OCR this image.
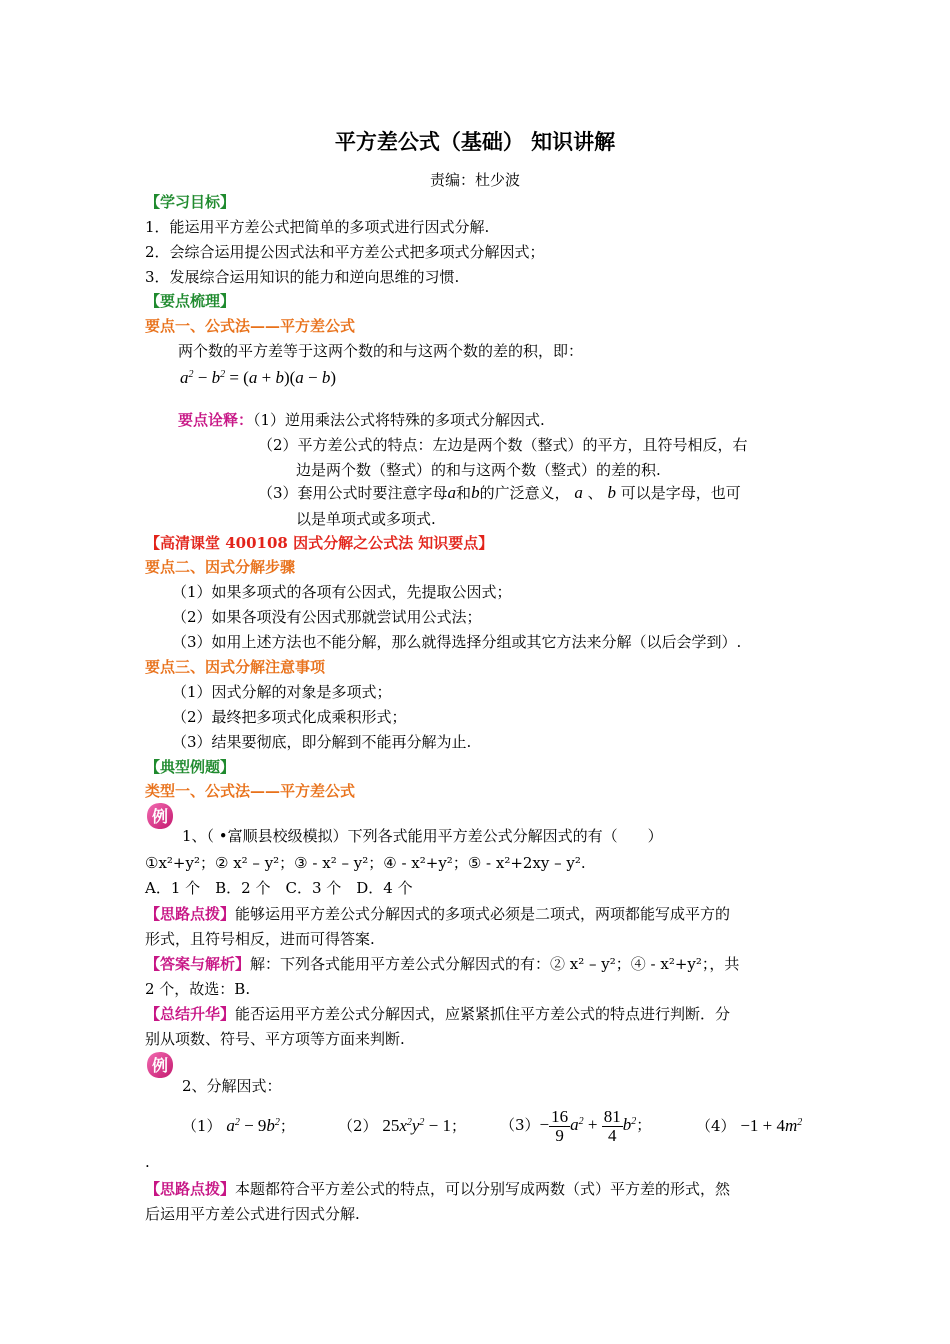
平方差公式（基础） 知识讲解
责编：杜少波
【学习目标】
1．能运用平方差公式把简单的多项式进行因式分解.
2．会综合运用提公因式法和平方差公式把多项式分解因式；
3．发展综合运用知识的能力和逆向思维的习惯.
【要点梳理】
要点一、公式法——平方差公式
两个数的平方差等于这两个数的和与这两个数的差的积，即：
$a^2 - b^2 = (a + b)(a - b)$
要点诠释：（1）逆用乘法公式将特殊的多项式分解因式.
（2）平方差公式的特点：左边是两个数（整式）的平方，且符号相反，右
边是两个数（整式）的和与这两个数（整式）的差的积.
（3）套用公式时要注意字母a和b的广泛意义， a 、 b 可以是字母，也可
以是单项式或多项式.
【高清课堂 400108 因式分解之公式法 知识要点】
要点二、因式分解步骤
（1）如果多项式的各项有公因式，先提取公因式；
（2）如果各项没有公因式那就尝试用公式法；
（3）如用上述方法也不能分解，那么就得选择分组或其它方法来分解（以后会学到）.
要点三、因式分解注意事项
（1）因式分解的对象是多项式；
（2）最终把多项式化成乘积形式；
（3）结果要彻底，即分解到不能再分解为止.
【典型例题】
类型一、公式法——平方差公式
例
1、（ •富顺县校级模拟）下列各式能用平方差公式分解因式的有（　　）
①x²+y²；② x² – y²；③ - x² – y²；④ - x²+y²；⑤ - x²+2xy – y².
A．1 个　B．2 个　C．3 个　D．4 个
【思路点拨】能够运用平方差公式分解因式的多项式必须是二项式，两项都能写成平方的
形式，且符号相反，进而可得答案.
【答案与解析】解：下列各式能用平方差公式分解因式的有：② x² – y²；④ - x²+y²；，共
2 个，故选：B.
【总结升华】能否运用平方差公式分解因式，应紧紧抓住平方差公式的特点进行判断．分
别从项数、符号、平方项等方面来判断.
例
2、分解因式：
（1） $a^2 - 9b^2$；	（2） $25x^2y^2 - 1$； $(3)- \frac{16}{9} a^2 + \frac{81}{4} b^2$；	$(4) -1 + 4m^2$
.
【思路点拨】本题都符合平方差公式的特点，可以分别写成两数（式）平方差的形式，然
后运用平方差公式进行因式分解.
